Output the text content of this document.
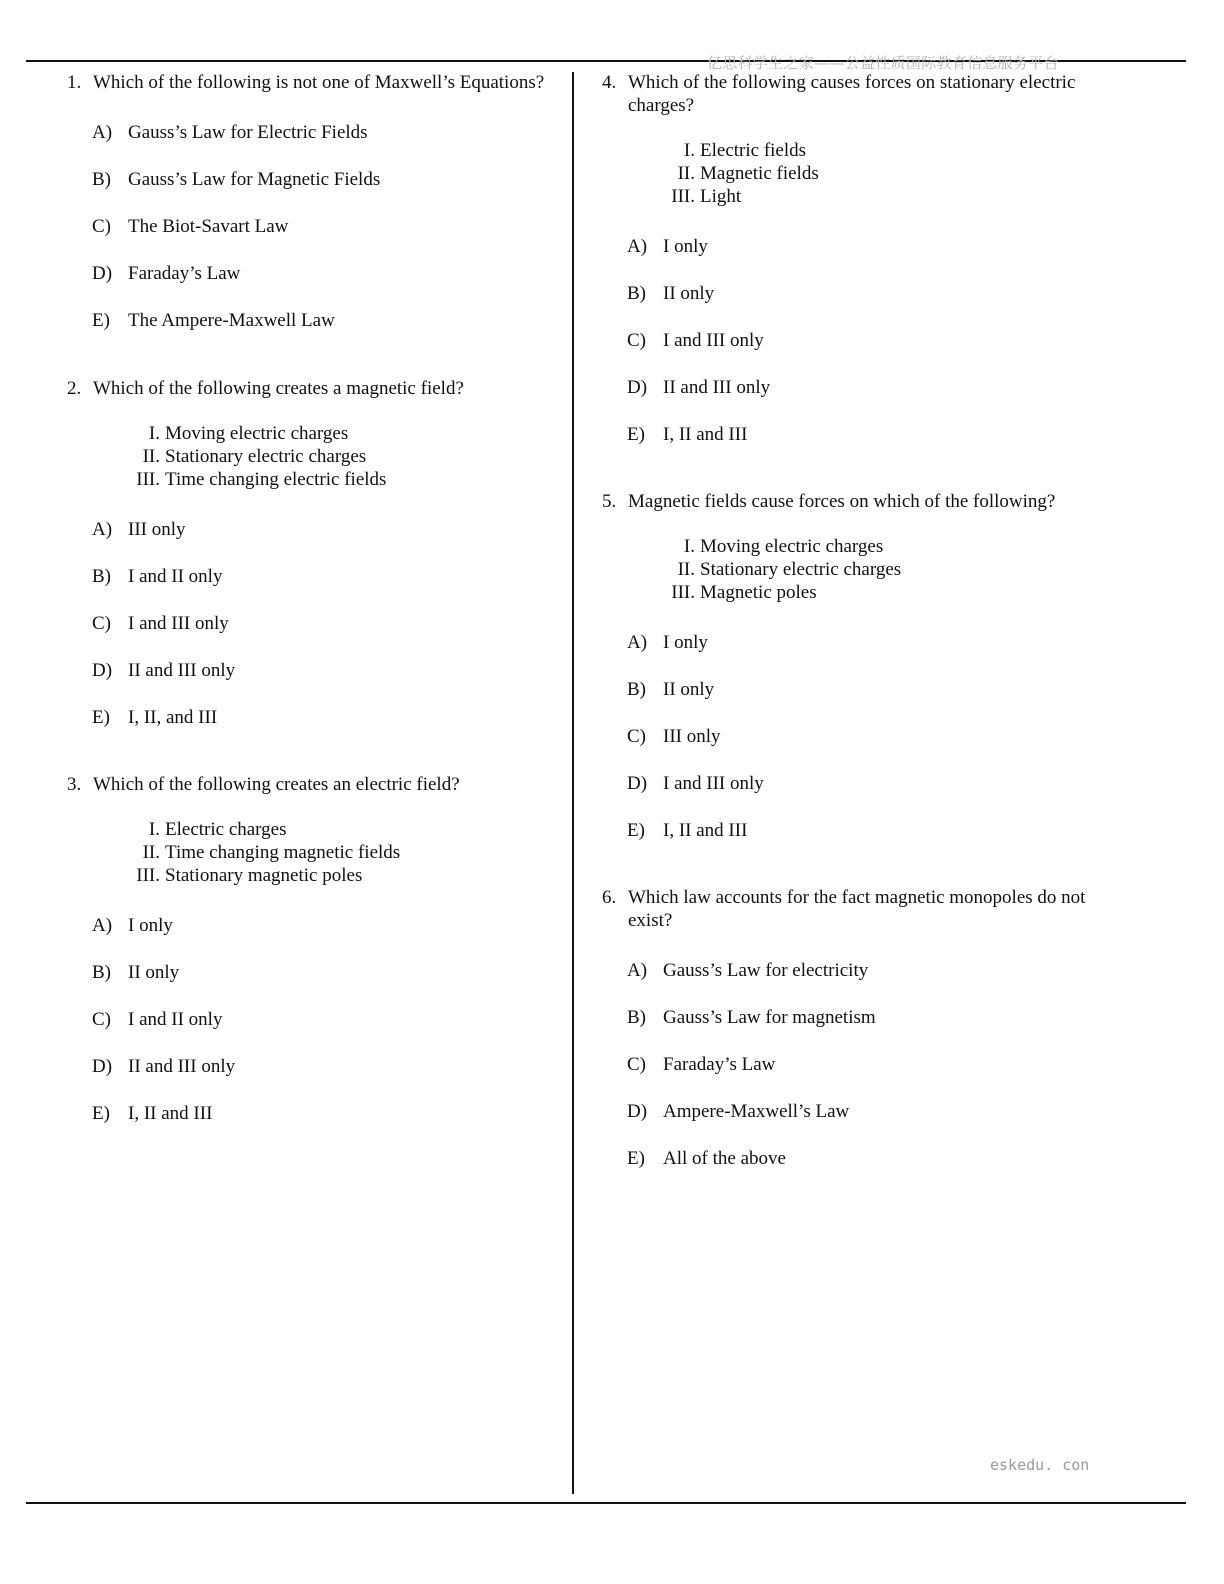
亿思科学生之家——公益性质国际教育信息服务平台
eskedu. con
1. Which of the following is not one of Maxwell’s Equations?
A) Gauss’s Law for Electric Fields
B) Gauss’s Law for Magnetic Fields
C) The Biot-Savart Law
D) Faraday’s Law
E) The Ampere-Maxwell Law
2. Which of the following creates a magnetic field?
I. Moving electric charges
II. Stationary electric charges
III. Time changing electric fields
A) III only
B) I and II only
C) I and III only
D) II and III only
E) I, II, and III
3. Which of the following creates an electric field?
I. Electric charges
II. Time changing magnetic fields
III. Stationary magnetic poles
A) I only
B) II only
C) I and II only
D) II and III only
E) I, II and III
4. Which of the following causes forces on stationary electric charges?
I. Electric fields
II. Magnetic fields
III. Light
A) I only
B) II only
C) I and III only
D) II and III only
E) I, II and III
5. Magnetic fields cause forces on which of the following?
I. Moving electric charges
II. Stationary electric charges
III. Magnetic poles
A) I only
B) II only
C) III only
D) I and III only
E) I, II and III
6. Which law accounts for the fact magnetic monopoles do not exist?
A) Gauss’s Law for electricity
B) Gauss’s Law for magnetism
C) Faraday’s Law
D) Ampere-Maxwell’s Law
E) All of the above
